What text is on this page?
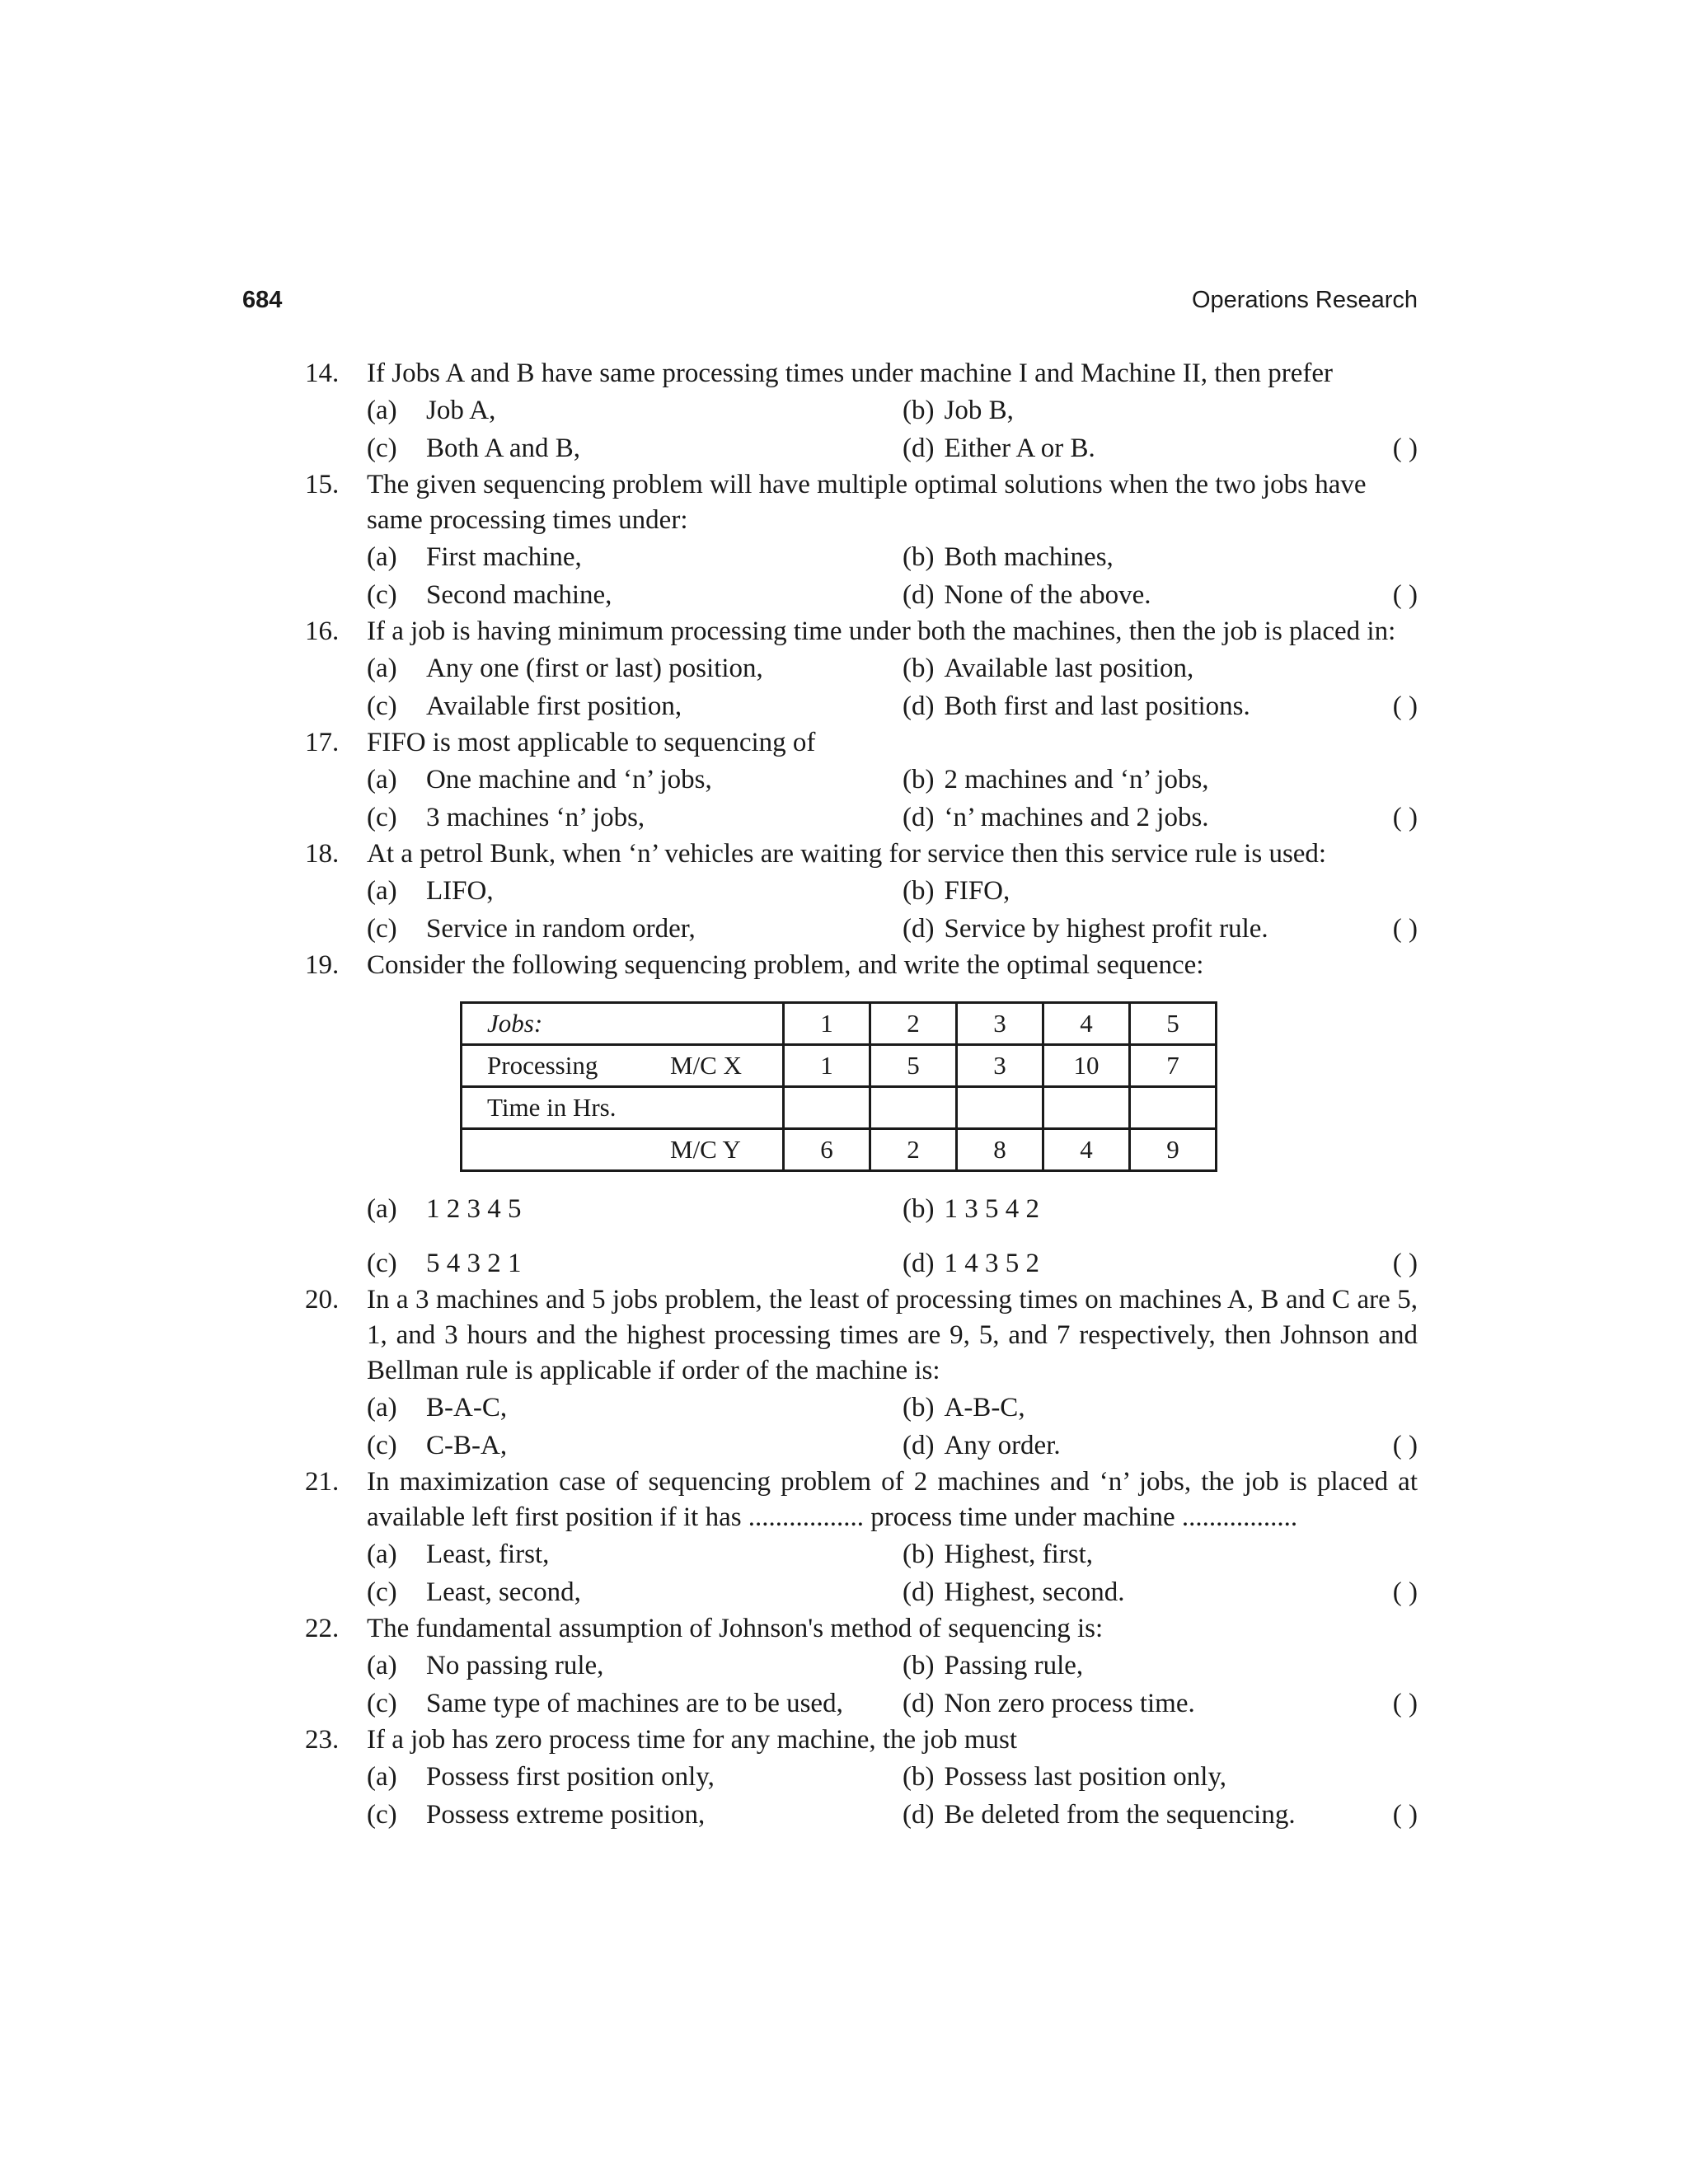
684	Operations Research
14. If Jobs A and B have same processing times under machine I and Machine II, then prefer
(a) Job A,	(b) Job B,
(c) Both A and B,	(d) Either A or B.	( )
15. The given sequencing problem will have multiple optimal solutions when the two jobs have same processing times under:
(a) First machine,	(b) Both machines,
(c) Second machine,	(d) None of the above.	( )
16. If a job is having minimum processing time under both the machines, then the job is placed in:
(a) Any one (first or last) position,	(b) Available last position,
(c) Available first position,	(d) Both first and last positions.	( )
17. FIFO is most applicable to sequencing of
(a) One machine and ‘n’ jobs,	(b) 2 machines and ‘n’ jobs,
(c) 3 machines ‘n’ jobs,	(d) ‘n’ machines and 2 jobs.	( )
18. At a petrol Bunk, when ‘n’ vehicles are waiting for service then this service rule is used:
(a) LIFO,	(b) FIFO,
(c) Service in random order,	(d) Service by highest profit rule.	( )
19. Consider the following sequencing problem, and write the optimal sequence:
Jobs:		1	2	3	4	5
Processing	M/C X	1	5	3	10	7
Time in Hrs.						
	M/C Y	6	2	8	4	9
(a) 1 2 3 4 5	(b) 1 3 5 4 2
(c) 5 4 3 2 1	(d) 1 4 3 5 2	( )
20. In a 3 machines and 5 jobs problem, the least of processing times on machines A, B and C are 5, 1, and 3 hours and the highest processing times are 9, 5, and 7 respectively, then Johnson and Bellman rule is applicable if order of the machine is:
(a) B-A-C,	(b) A-B-C,
(c) C-B-A,	(d) Any order.	( )
21. In maximization case of sequencing problem of 2 machines and ‘n’ jobs, the job is placed at available left first position if it has ................. process time under machine .................
(a) Least, first,	(b) Highest, first,
(c) Least, second,	(d) Highest, second.	( )
22. The fundamental assumption of Johnson's method of sequencing is:
(a) No passing rule,	(b) Passing rule,
(c) Same type of machines are to be used, (d) Non zero process time.	( )
23. If a job has zero process time for any machine, the job must
(a) Possess first position only,	(b) Possess last position only,
(c) Possess extreme position,	(d) Be deleted from the sequencing.	( )
